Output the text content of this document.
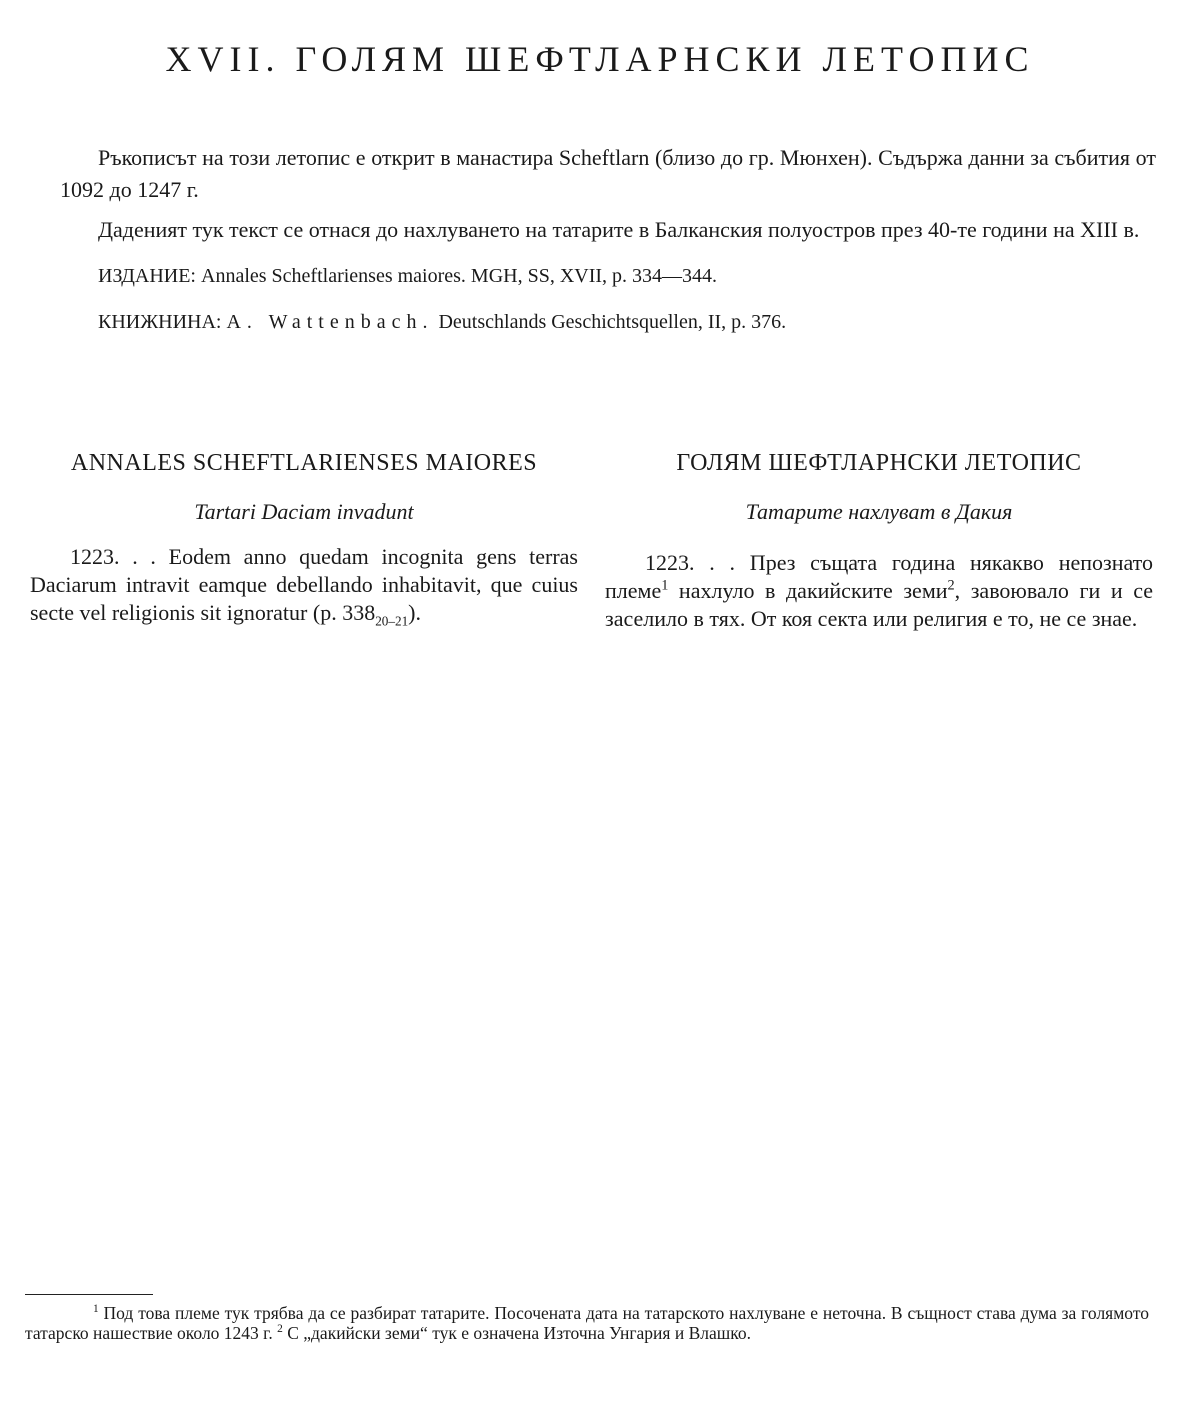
XVII. ГОЛЯМ ШЕФТЛАРНСКИ ЛЕТОПИС

Ръкописът на този летопис е открит в манастира Scheftlarn (близо до гр. Мюнхен). Съдържа данни за събития от 1092 до 1247 г.

Даденият тук текст се отнася до нахлуването на татарите в Балканския полуостров през 40-те години на XIII в.

ИЗДАНИЕ: Annales Scheftlarienses maiores. MGH, SS, XVII, p. 334—344.

КНИЖНИНА: A. Wattenbach. Deutschlands Geschichtsquellen, II, p. 376.

ANNALES SCHEFTLARIENSES MAIORES
Tartari Daciam invadunt
1223. . . Eodem anno quedam incognita gens terras Daciarum intravit eamque debellando inhabitavit, que cuius secte vel religionis sit ignoratur (p. $338_{20-21}$).
ГОЛЯМ ШЕФТЛАРНСКИ ЛЕТОПИС
Татарите нахлуват в Дакия
1223. . . През същата година някакво непознато племе$^1$ нахлуло в дакийските земи$^2$, завоювало ги и се заселило в тях. От коя секта или религия е то, не се знае.
$^1$ Под това племе тук трябва да се разбират татарите. Посочената дата на татарското нахлуване е неточна. В същност става дума за голямото татарско нашествие около 1243 г. $^2$ С „дакийски земи“ тук е означена Източна Унгария и Влашко.
